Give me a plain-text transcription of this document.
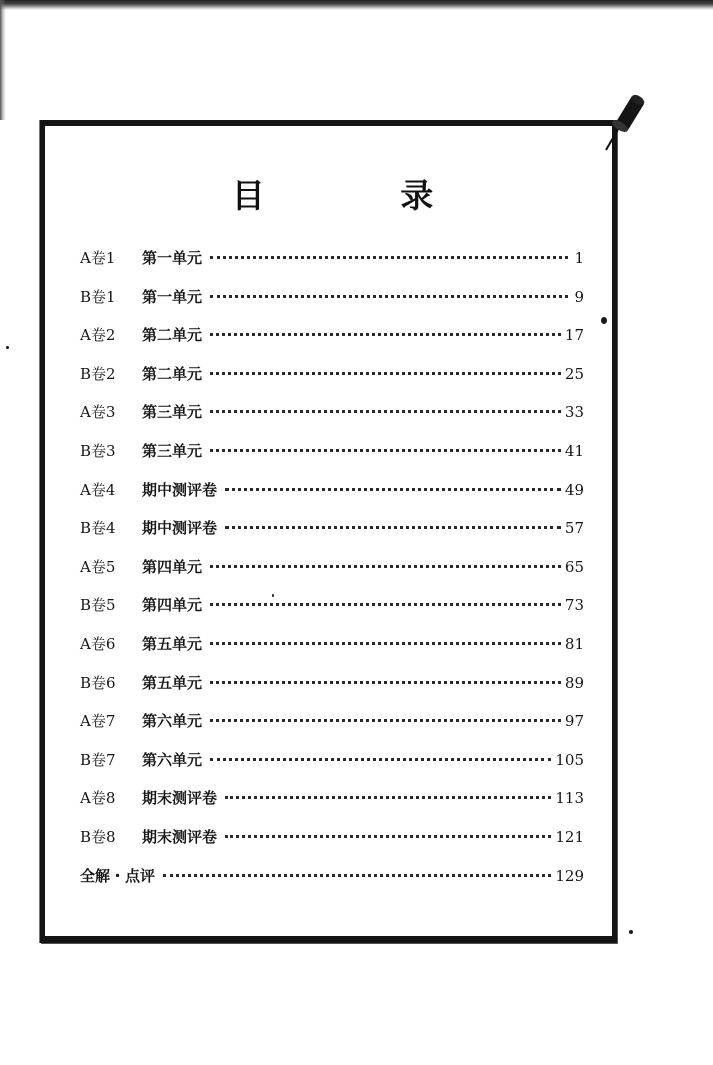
目 录
A卷1	第一单元	1
B卷1	第一单元	9
A卷2	第二单元	17
B卷2	第二单元	25
A卷3	第三单元	33
B卷3	第三单元	41
A卷4	期中测评卷	49
B卷4	期中测评卷	57
A卷5	第四单元	65
B卷5	第四单元	73
A卷6	第五单元	81
B卷6	第五单元	89
A卷7	第六单元	97
B卷7	第六单元	105
A卷8	期末测评卷	113
B卷8	期末测评卷	121
全解・点评	129
